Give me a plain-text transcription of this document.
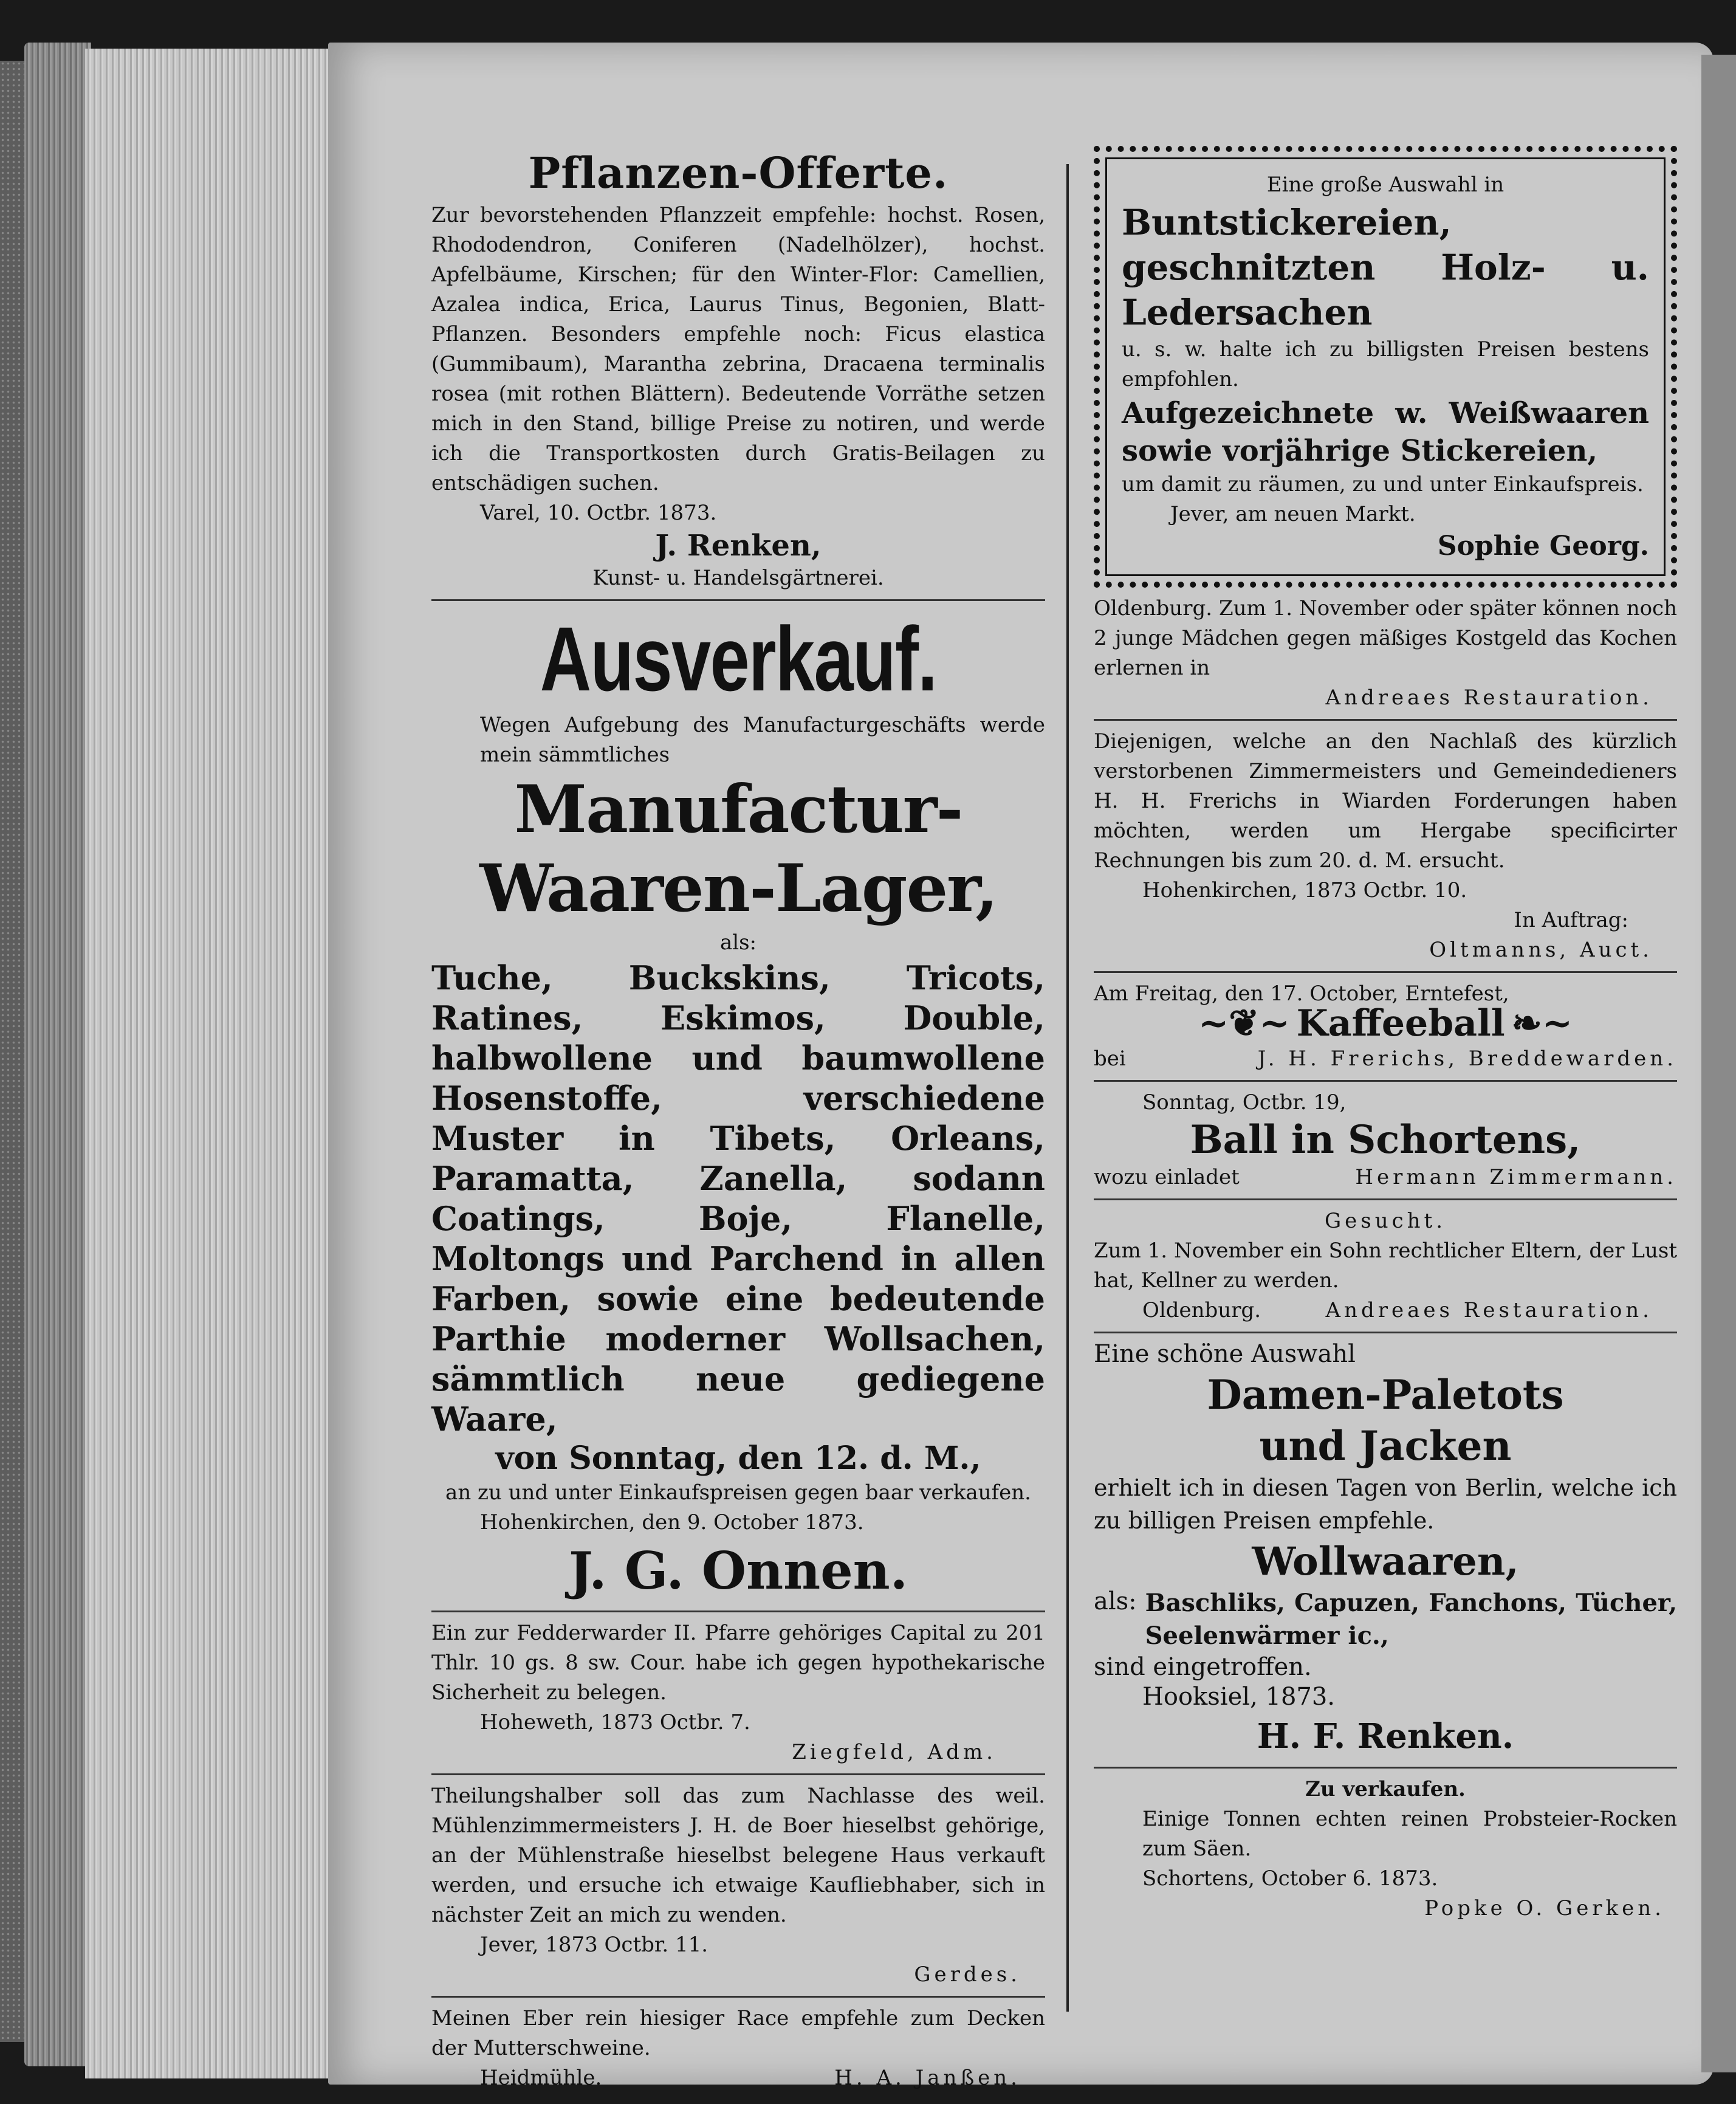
Pflanzen-Offerte.

Zur bevorstehenden Pflanzzeit empfehle: hochst. Rosen, Rhododendron, Coniferen (Nadelhölzer), hochst. Apfelbäume, Kirschen; für den Winter-Flor: Camellien, Azalea indica, Erica, Laurus Tinus, Begonien, Blatt-Pflanzen. Besonders empfehle noch: Ficus elastica (Gummibaum), Marantha zebrina, Dracaena terminalis rosea (mit rothen Blättern). Bedeutende Vorräthe setzen mich in den Stand, billige Preise zu notiren, und werde ich die Transportkosten durch Gratis-Beilagen zu entschädigen suchen.

Varel, 10. Octbr. 1873.

J. Renken,

Kunst- u. Handelsgärtnerei.

Ausverkauf.

Wegen Aufgebung des Manufacturgeschäfts werde mein sämmtliches

Manufactur-

Waaren-Lager,

als:

Tuche, Buckskins, Tricots, Ratines, Eskimos, Double, halbwollene und baumwollene Hosenstoffe, verschiedene Muster in Tibets, Orleans, Paramatta, Zanella, sodann Coatings, Boje, Flanelle, Moltongs und Parchend in allen Farben, sowie eine bedeutende Parthie moderner Wollsachen, sämmtlich neue gediegene Waare,

von Sonntag, den 12. d. M.,

an zu und unter Einkaufspreisen gegen baar verkaufen.

Hohenkirchen, den 9. October 1873.

J. G. Onnen.

Ein zur Fedderwarder II. Pfarre gehöriges Capital zu 201 Thlr. 10 gs. 8 sw. Cour. habe ich gegen hypothekarische Sicherheit zu belegen.

Hoheweth, 1873 Octbr. 7.

Ziegfeld, Adm.

Theilungshalber soll das zum Nachlasse des weil. Mühlenzimmermeisters J. H. de Boer hieselbst gehörige, an der Mühlenstraße hieselbst belegene Haus verkauft werden, und ersuche ich etwaige Kaufliebhaber, sich in nächster Zeit an mich zu wenden.

Jever, 1873 Octbr. 11.

Gerdes.

Meinen Eber rein hiesiger Race empfehle zum Decken der Mutterschweine.

Heidmühle.	H. A. Janßen.

Eine große Auswahl in

Buntstickereien, geschnitzten Holz- u. Ledersachen

u. s. w. halte ich zu billigsten Preisen bestens empfohlen.

Aufgezeichnete w. Weißwaaren sowie vorjährige Stickereien,

um damit zu räumen, zu und unter Einkaufspreis.

Jever, am neuen Markt.

Sophie Georg.

Oldenburg. Zum 1. November oder später können noch 2 junge Mädchen gegen mäßiges Kostgeld das Kochen erlernen in

Andreaes Restauration.

Diejenigen, welche an den Nachlaß des kürzlich verstorbenen Zimmermeisters und Gemeindedieners H. H. Frerichs in Wiarden Forderungen haben möchten, werden um Hergabe specificirter Rechnungen bis zum 20. d. M. ersucht.

Hohenkirchen, 1873 Octbr. 10.

In Auftrag:

Oltmanns, Auct.

Am Freitag, den 17. October, Erntefest,

~❦~ Kaffeeball ❧~

bei	J. H. Frerichs, Breddewarden.

Sonntag, Octbr. 19,

Ball in Schortens,

wozu einladet	Hermann Zimmermann.

Gesucht.

Zum 1. November ein Sohn rechtlicher Eltern, der Lust hat, Kellner zu werden.

Oldenburg.	Andreaes Restauration.

Eine schöne Auswahl

Damen-Paletots

und Jacken

erhielt ich in diesen Tagen von Berlin, welche ich zu billigen Preisen empfehle.

Wollwaaren,

als: Baschliks, Capuzen, Fanchons, Tücher, Seelenwärmer ic.,

sind eingetroffen.

Hooksiel, 1873.

H. F. Renken.

Zu verkaufen.

Einige Tonnen echten reinen Probsteier-Rocken zum Säen.

Schortens, October 6. 1873.

Popke O. Gerken.
